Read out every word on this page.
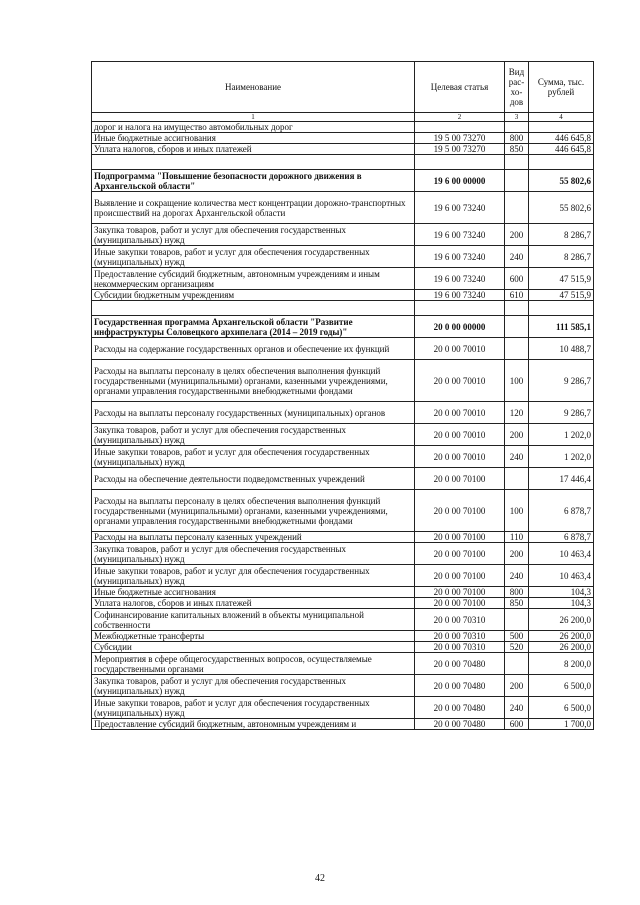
Наименование	Целевая статья	Вид рас-хо-дов	Сумма, тыс. рублей
1	2	3	4
дорог и налога на имущество автомобильных дорог			
Иные бюджетные ассигнования	19 5 00 73270	800	446 645,8
Уплата налогов, сборов и иных платежей	19 5 00 73270	850	446 645,8

Подпрограмма "Повышение безопасности дорожного движения в Архангельской области"	19 6 00 00000		55 802,6
Выявление и сокращение количества мест концентрации дорожно-транспортных происшествий на дорогах Архангельской области	19 6 00 73240		55 802,6
Закупка товаров, работ и услуг для обеспечения государственных (муниципальных) нужд	19 6 00 73240	200	8 286,7
Иные закупки товаров, работ и услуг для обеспечения государственных (муниципальных) нужд	19 6 00 73240	240	8 286,7
Предоставление субсидий бюджетным, автономным учреждениям и иным некоммерческим организациям	19 6 00 73240	600	47 515,9
Субсидии бюджетным учреждениям	19 6 00 73240	610	47 515,9

Государственная программа Архангельской области "Развитие инфраструктуры Соловецкого архипелага (2014 – 2019 годы)"	20 0 00 00000		111 585,1
Расходы на содержание государственных органов и обеспечение их функций	20 0 00 70010		10 488,7
Расходы на выплаты персоналу в целях обеспечения выполнения функций государственными (муниципальными) органами, казенными учреждениями, органами управления государственными внебюджетными фондами	20 0 00 70010	100	9 286,7
Расходы на выплаты персоналу государственных (муниципальных) органов	20 0 00 70010	120	9 286,7
Закупка товаров, работ и услуг для обеспечения государственных (муниципальных) нужд	20 0 00 70010	200	1 202,0
Иные закупки товаров, работ и услуг для обеспечения государственных (муниципальных) нужд	20 0 00 70010	240	1 202,0
Расходы на обеспечение деятельности подведомственных учреждений	20 0 00 70100		17 446,4
Расходы на выплаты персоналу в целях обеспечения выполнения функций государственными (муниципальными) органами, казенными учреждениями, органами управления государственными внебюджетными фондами	20 0 00 70100	100	6 878,7
Расходы на выплаты персоналу казенных учреждений	20 0 00 70100	110	6 878,7
Закупка товаров, работ и услуг для обеспечения государственных (муниципальных) нужд	20 0 00 70100	200	10 463,4
Иные закупки товаров, работ и услуг для обеспечения государственных (муниципальных) нужд	20 0 00 70100	240	10 463,4
Иные бюджетные ассигнования	20 0 00 70100	800	104,3
Уплата налогов, сборов и иных платежей	20 0 00 70100	850	104,3
Софинансирование капитальных вложений в объекты муниципальной собственности	20 0 00 70310		26 200,0
Межбюджетные трансферты	20 0 00 70310	500	26 200,0
Субсидии	20 0 00 70310	520	26 200,0
Мероприятия в сфере общегосударственных вопросов, осуществляемые государственными органами	20 0 00 70480		8 200,0
Закупка товаров, работ и услуг для обеспечения государственных (муниципальных) нужд	20 0 00 70480	200	6 500,0
Иные закупки товаров, работ и услуг для обеспечения государственных (муниципальных) нужд	20 0 00 70480	240	6 500,0
Предоставление субсидий бюджетным, автономным учреждениям и	20 0 00 70480	600	1 700,0
42
